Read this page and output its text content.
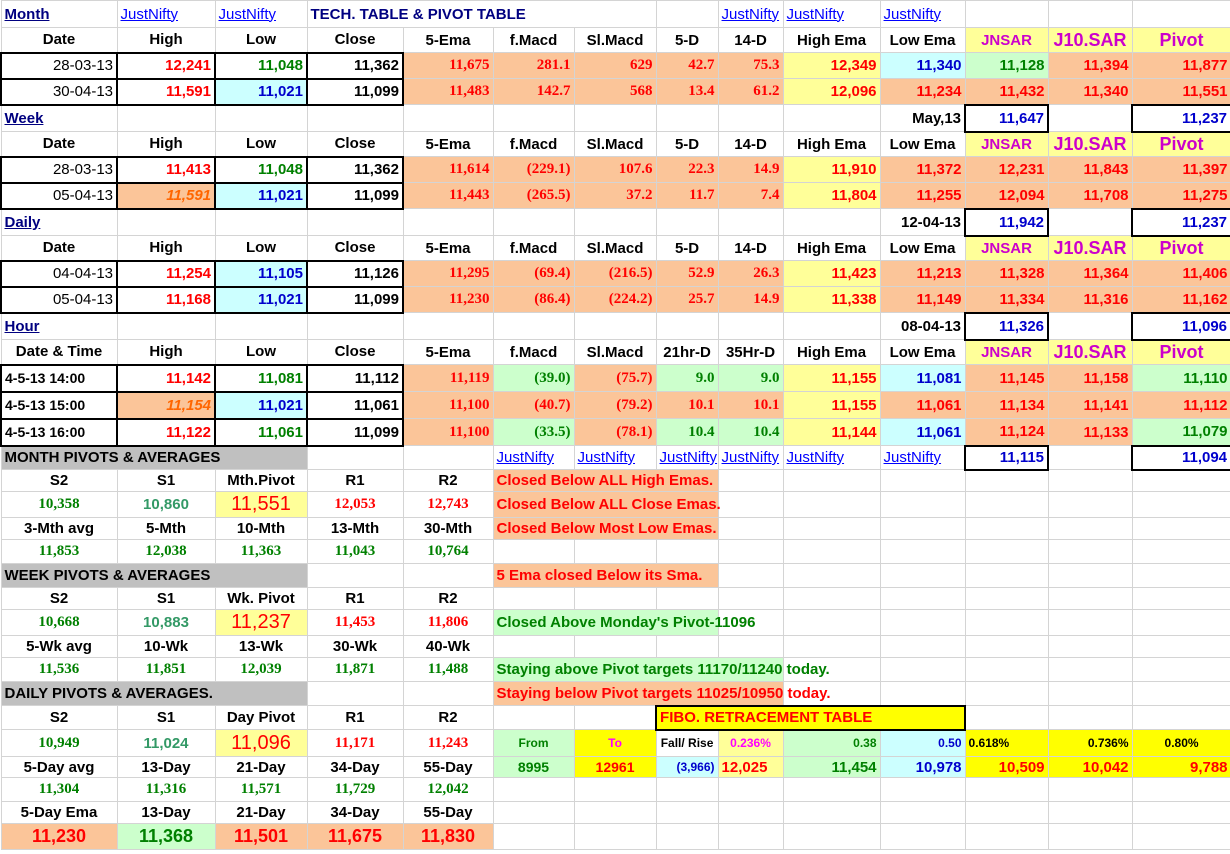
Month	JustNifty	JustNifty	TECH. TABLE & PIVOT TABLE					JustNifty	JustNifty	JustNifty			
Date	High	Low	Close	5-Ema	f.Macd	Sl.Macd	5-D	14-D	High Ema	Low Ema	JNSAR	J10.SAR	Pivot
28-03-13	12,241	11,048	11,362	11,675	281.1	629	42.7	75.3	12,349	11,340	11,128	11,394	11,877
30-04-13	11,591	11,021	11,099	11,483	142.7	568	13.4	61.2	12,096	11,234	11,432	11,340	11,551
Week										May,13	11,647		11,237
Date	High	Low	Close	5-Ema	f.Macd	Sl.Macd	5-D	14-D	High Ema	Low Ema	JNSAR	J10.SAR	Pivot
28-03-13	11,413	11,048	11,362	11,614	(229.1)	107.6	22.3	14.9	11,910	11,372	12,231	11,843	11,397
05-04-13	11,591	11,021	11,099	11,443	(265.5)	37.2	11.7	7.4	11,804	11,255	12,094	11,708	11,275
Daily										12-04-13	11,942		11,237
Date	High	Low	Close	5-Ema	f.Macd	Sl.Macd	5-D	14-D	High Ema	Low Ema	JNSAR	J10.SAR	Pivot
04-04-13	11,254	11,105	11,126	11,295	(69.4)	(216.5)	52.9	26.3	11,423	11,213	11,328	11,364	11,406
05-04-13	11,168	11,021	11,099	11,230	(86.4)	(224.2)	25.7	14.9	11,338	11,149	11,334	11,316	11,162
Hour										08-04-13	11,326		11,096
Date & Time	High	Low	Close	5-Ema	f.Macd	Sl.Macd	21hr-D	35Hr-D	High Ema	Low Ema	JNSAR	J10.SAR	Pivot
4-5-13 14:00	11,142	11,081	11,112	11,119	(39.0)	(75.7)	9.0	9.0	11,155	11,081	11,145	11,158	11,110
4-5-13 15:00	11,154	11,021	11,061	11,100	(40.7)	(79.2)	10.1	10.1	11,155	11,061	11,134	11,141	11,112
4-5-13 16:00	11,122	11,061	11,099	11,100	(33.5)	(78.1)	10.4	10.4	11,144	11,061	11,124	11,133	11,079
MONTH PIVOTS & AVERAGES					JustNifty	JustNifty	JustNifty	JustNifty	JustNifty	JustNifty	11,115		11,094
S2	S1	Mth.Pivot	R1	R2	Closed Below ALL High Emas.								
10,358	10,860	11,551	12,053	12,743	Closed Below ALL Close Emas.								
3-Mth avg	5-Mth	10-Mth	13-Mth	30-Mth	Closed Below Most Low Emas.								
11,853	12,038	11,363	11,043	10,764									
WEEK PIVOTS & AVERAGES					5 Ema closed Below its Sma.								
S2	S1	Wk. Pivot	R1	R2									
10,668	10,883	11,237	11,453	11,806	Closed Above Monday's Pivot-11096								
5-Wk avg	10-Wk	13-Wk	30-Wk	40-Wk									
11,536	11,851	12,039	11,871	11,488	Staying above Pivot targets 11170/11240 today.								
DAILY PIVOTS & AVERAGES.					Staying below Pivot targets 11025/10950 today.								
S2	S1	Day Pivot	R1	R2			FIBO. RETRACEMENT TABLE						
10,949	11,024	11,096	11,171	11,243	From	To	Fall/ Rise	0.236%	0.38	0.50	0.618%	0.736%	0.80%
5-Day avg	13-Day	21-Day	34-Day	55-Day	8995	12961	(3,966)	12,025	11,454	10,978	10,509	10,042	9,788
11,304	11,316	11,571	11,729	12,042									
5-Day Ema	13-Day	21-Day	34-Day	55-Day									
11,230	11,368	11,501	11,675	11,830									
